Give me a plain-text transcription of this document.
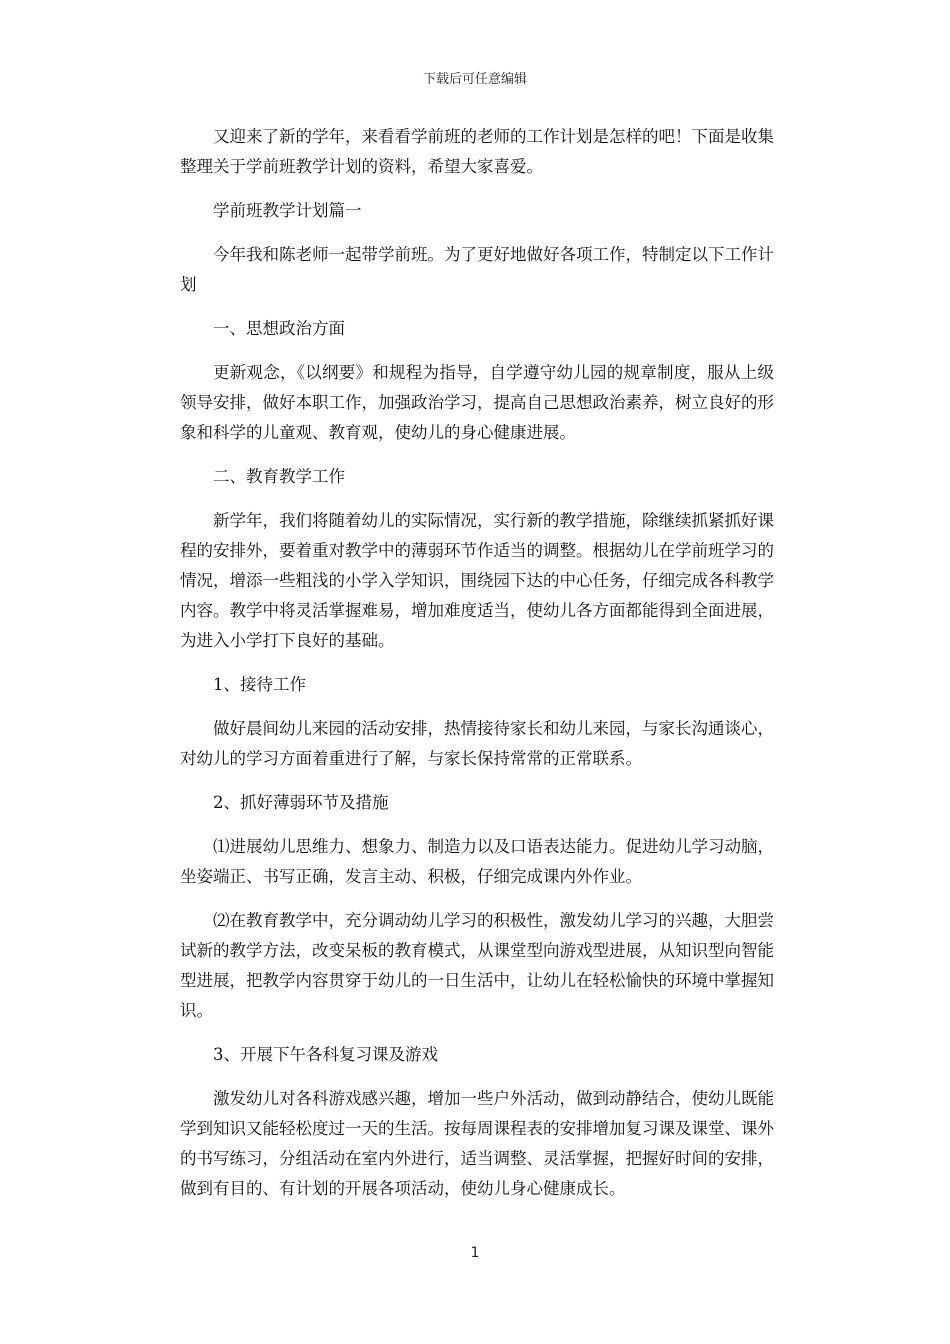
下载后可任意编辑

又迎来了新的学年，来看看学前班的老师的工作计划是怎样的吧！下面是收集整理关于学前班教学计划的资料，希望大家喜爱。

学前班教学计划篇一

今年我和陈老师一起带学前班。为了更好地做好各项工作，特制定以下工作计划

一、思想政治方面

更新观念，《以纲要》和规程为指导，自学遵守幼儿园的规章制度，服从上级领导安排，做好本职工作，加强政治学习，提高自己思想政治素养，树立良好的形象和科学的儿童观、教育观，使幼儿的身心健康进展。

二、教育教学工作

新学年，我们将随着幼儿的实际情况，实行新的教学措施，除继续抓紧抓好课程的安排外，要着重对教学中的薄弱环节作适当的调整。根据幼儿在学前班学习的情况，增添一些粗浅的小学入学知识，围绕园下达的中心任务，仔细完成各科教学内容。教学中将灵活掌握难易，增加难度适当，使幼儿各方面都能得到全面进展，为进入小学打下良好的基础。

1、接待工作

做好晨间幼儿来园的活动安排，热情接待家长和幼儿来园，与家长沟通谈心，对幼儿的学习方面着重进行了解，与家长保持常常的正常联系。

2、抓好薄弱环节及措施

⑴进展幼儿思维力、想象力、制造力以及口语表达能力。促进幼儿学习动脑，坐姿端正、书写正确，发言主动、积极，仔细完成课内外作业。

⑵在教育教学中，充分调动幼儿学习的积极性，激发幼儿学习的兴趣，大胆尝试新的教学方法，改变呆板的教育模式，从课堂型向游戏型进展，从知识型向智能型进展，把教学内容贯穿于幼儿的一日生活中，让幼儿在轻松愉快的环境中掌握知识。

3、开展下午各科复习课及游戏

激发幼儿对各科游戏感兴趣，增加一些户外活动，做到动静结合，使幼儿既能学到知识又能轻松度过一天的生活。按每周课程表的安排增加复习课及课堂、课外的书写练习，分组活动在室内外进行，适当调整、灵活掌握，把握好时间的安排，做到有目的、有计划的开展各项活动，使幼儿身心健康成长。

1
